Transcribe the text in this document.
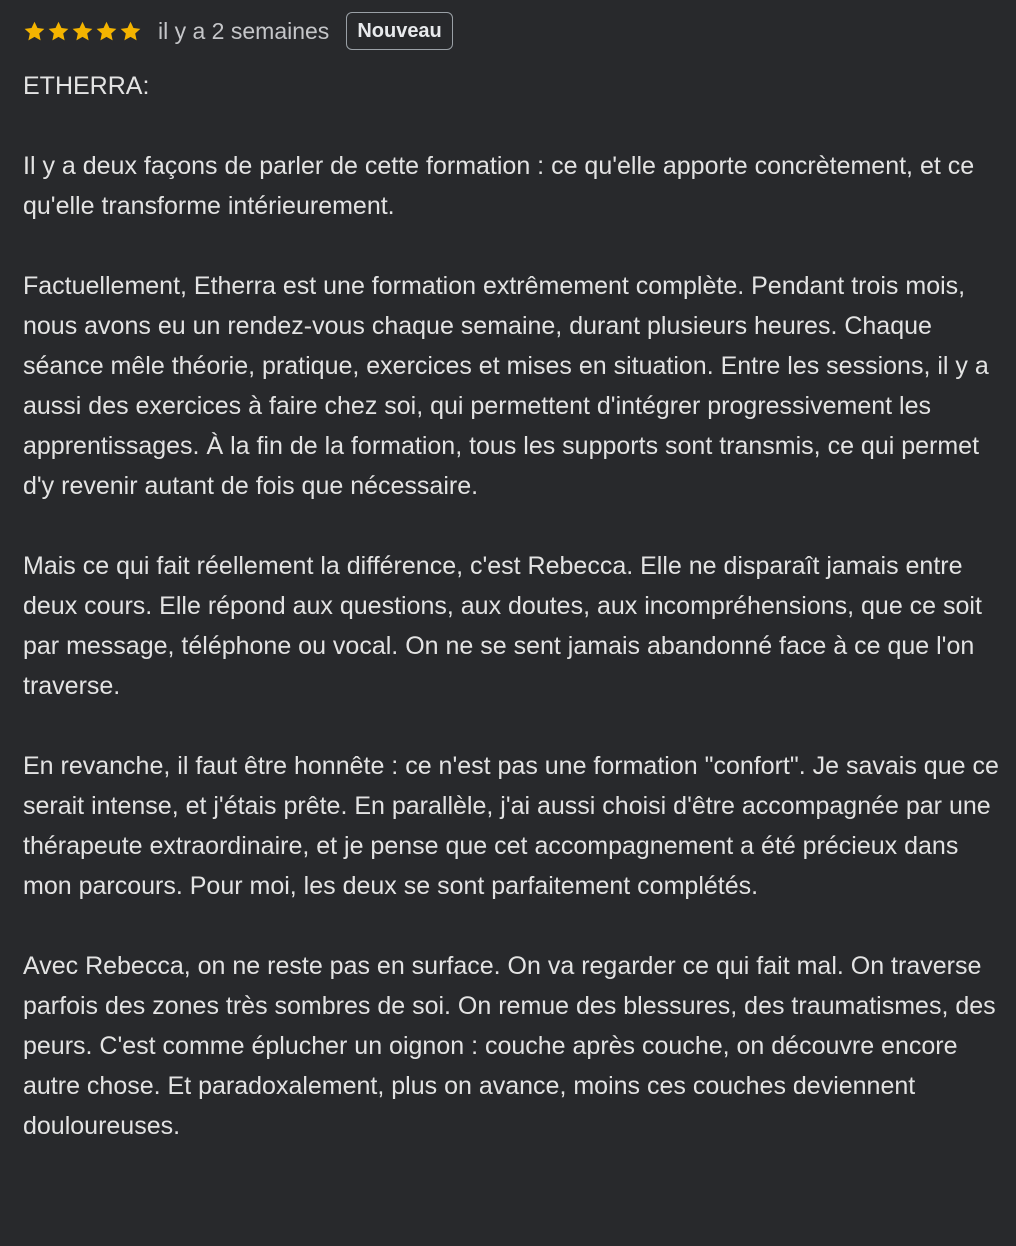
il y a 2 semaines	Nouveau

ETHERRA:

Il y a deux façons de parler de cette formation : ce qu'elle apporte concrètement, et ce qu'elle transforme intérieurement.

Factuellement, Etherra est une formation extrêmement complète. Pendant trois mois, nous avons eu un rendez-vous chaque semaine, durant plusieurs heures. Chaque séance mêle théorie, pratique, exercices et mises en situation. Entre les sessions, il y a aussi des exercices à faire chez soi, qui permettent d'intégrer progressivement les apprentissages. À la fin de la formation, tous les supports sont transmis, ce qui permet d'y revenir autant de fois que nécessaire.

Mais ce qui fait réellement la différence, c'est Rebecca. Elle ne disparaît jamais entre deux cours. Elle répond aux questions, aux doutes, aux incompréhensions, que ce soit par message, téléphone ou vocal. On ne se sent jamais abandonné face à ce que l'on traverse.

En revanche, il faut être honnête : ce n'est pas une formation "confort". Je savais que ce serait intense, et j'étais prête. En parallèle, j'ai aussi choisi d'être accompagnée par une thérapeute extraordinaire, et je pense que cet accompagnement a été précieux dans mon parcours. Pour moi, les deux se sont parfaitement complétés.

Avec Rebecca, on ne reste pas en surface. On va regarder ce qui fait mal. On traverse parfois des zones très sombres de soi. On remue des blessures, des traumatismes, des peurs. C'est comme éplucher un oignon : couche après couche, on découvre encore autre chose. Et paradoxalement, plus on avance, moins ces couches deviennent douloureuses.
